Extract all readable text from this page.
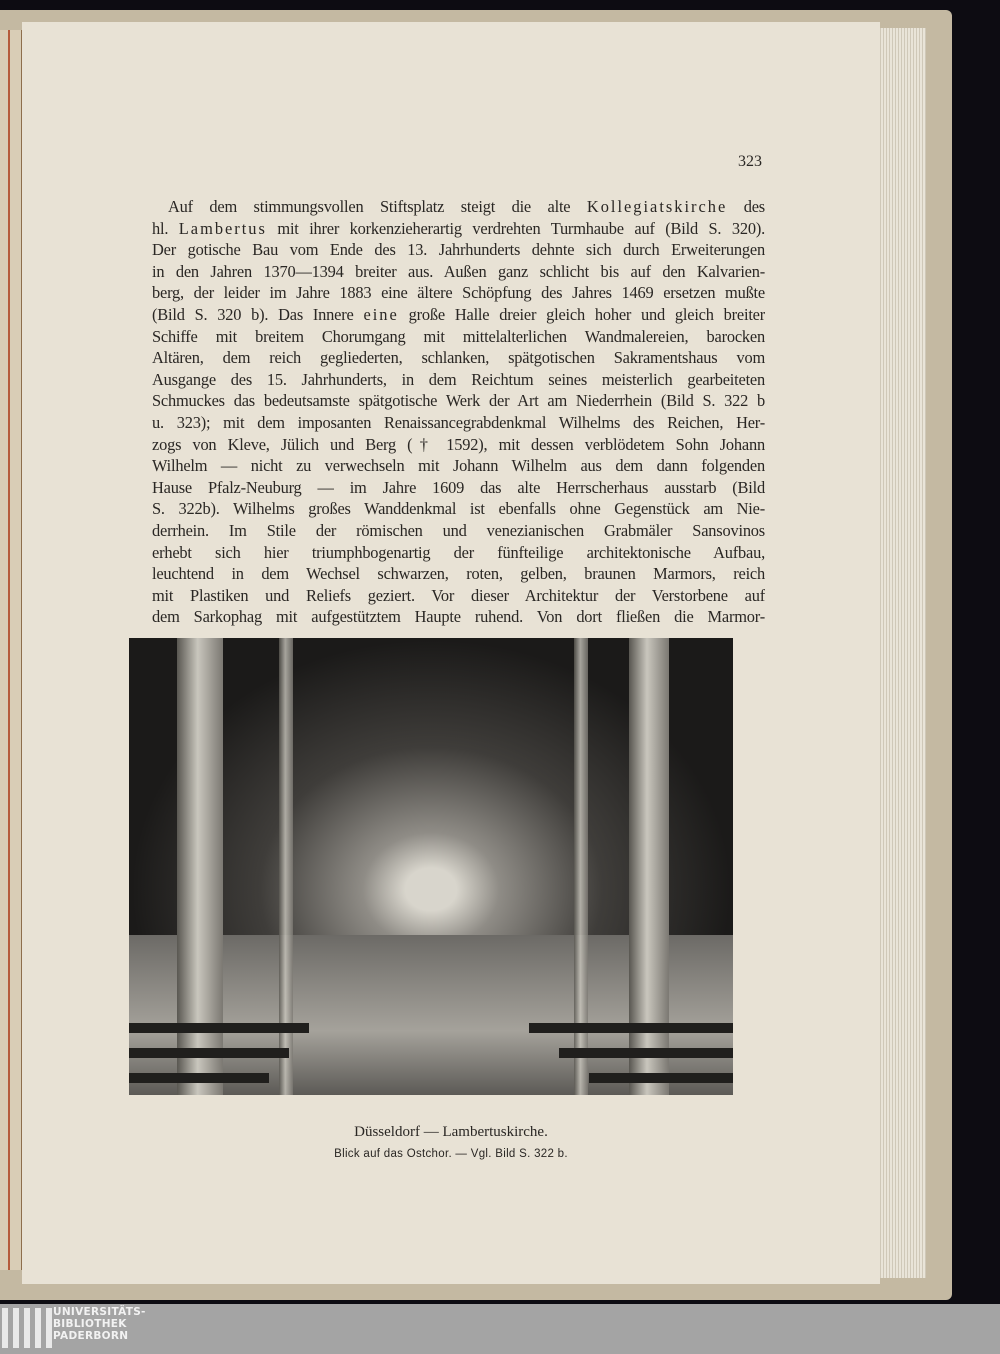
323
Auf dem stimmungsvollen Stiftsplatz steigt die alte Kollegiatskirche des
hl. Lambertus mit ihrer korkenzieherartig verdrehten Turmhaube auf (Bild S. 320).
Der gotische Bau vom Ende des 13. Jahrhunderts dehnte sich durch Erweiterungen
in den Jahren 1370—1394 breiter aus. Außen ganz schlicht bis auf den Kalvarien-
berg, der leider im Jahre 1883 eine ältere Schöpfung des Jahres 1469 ersetzen mußte
(Bild S. 320 b). Das Innere eine große Halle dreier gleich hoher und gleich breiter
Schiffe mit breitem Chorumgang mit mittelalterlichen Wandmalereien, barocken
Altären, dem reich gegliederten, schlanken, spätgotischen Sakramentshaus vom
Ausgange des 15. Jahrhunderts, in dem Reichtum seines meisterlich gearbeiteten
Schmuckes das bedeutsamste spätgotische Werk der Art am Niederrhein (Bild S. 322 b
u. 323); mit dem imposanten Renaissancegrabdenkmal Wilhelms des Reichen, Her-
zogs von Kleve, Jülich und Berg († 1592), mit dessen verblödetem Sohn Johann
Wilhelm — nicht zu verwechseln mit Johann Wilhelm aus dem dann folgenden
Hause Pfalz-Neuburg — im Jahre 1609 das alte Herrscherhaus ausstarb (Bild
S. 322b). Wilhelms großes Wanddenkmal ist ebenfalls ohne Gegenstück am Nie-
derrhein. Im Stile der römischen und venezianischen Grabmäler Sansovinos
erhebt sich hier triumphbogenartig der fünfteilige architektonische Aufbau,
leuchtend in dem Wechsel schwarzen, roten, gelben, braunen Marmors, reich
mit Plastiken und Reliefs geziert. Vor dieser Architektur der Verstorbene auf
dem Sarkophag mit aufgestütztem Haupte ruhend. Von dort fließen die Marmor-
Düsseldorf — Lambertuskirche.
Blick auf das Ostchor. — Vgl. Bild S. 322 b.
UNIVERSITÄTS-
BIBLIOTHEK
PADERBORN
